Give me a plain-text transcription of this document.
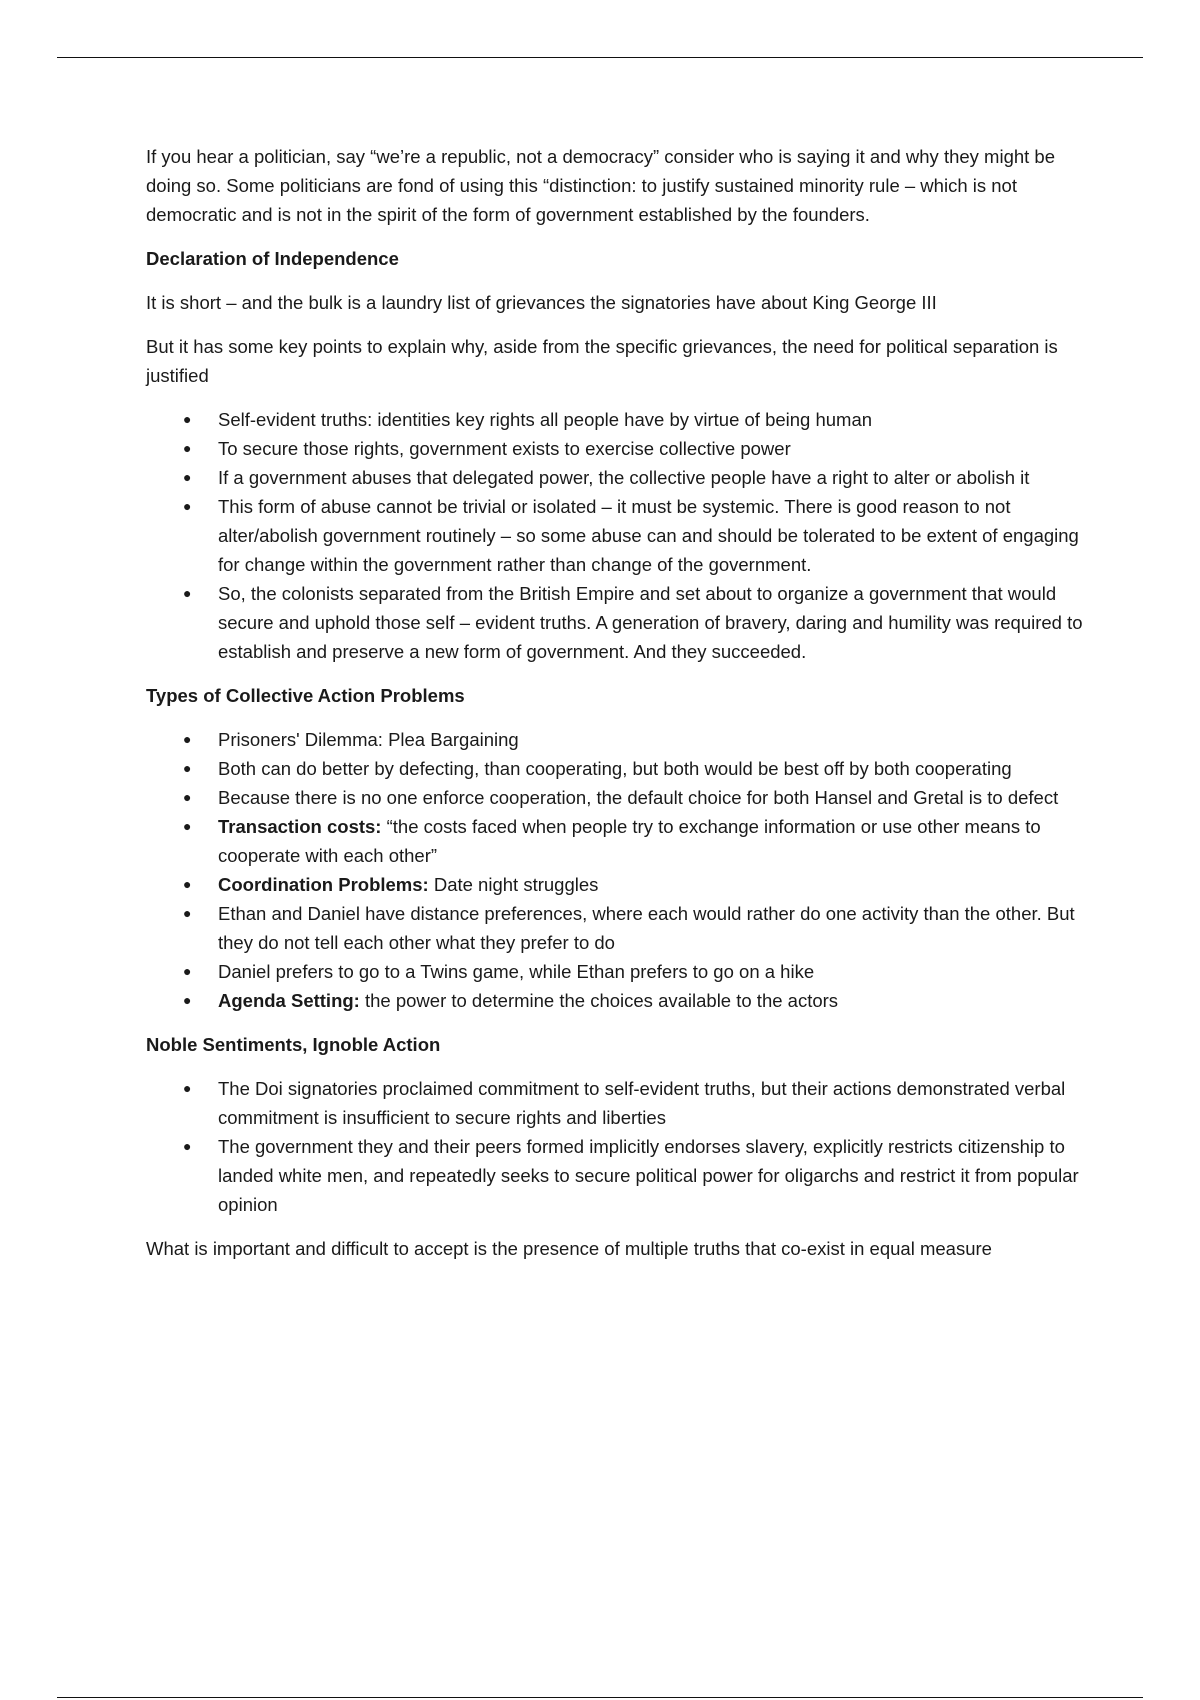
If you hear a politician, say “we’re a republic, not a democracy” consider who is saying it and why they might be doing so. Some politicians are fond of using this “distinction: to justify sustained minority rule – which is not democratic and is not in the spirit of the form of government established by the founders.

Declaration of Independence

It is short – and the bulk is a laundry list of grievances the signatories have about King George III

But it has some key points to explain why, aside from the specific grievances, the need for political separation is justified

● Self-evident truths: identities key rights all people have by virtue of being human
● To secure those rights, government exists to exercise collective power
● If a government abuses that delegated power, the collective people have a right to alter or abolish it
● This form of abuse cannot be trivial or isolated – it must be systemic. There is good reason to not alter/abolish government routinely – so some abuse can and should be tolerated to be extent of engaging for change within the government rather than change of the government.
● So, the colonists separated from the British Empire and set about to organize a government that would secure and uphold those self – evident truths. A generation of bravery, daring and humility was required to establish and preserve a new form of government. And they succeeded.

Types of Collective Action Problems

● Prisoners' Dilemma: Plea Bargaining
● Both can do better by defecting, than cooperating, but both would be best off by both cooperating
● Because there is no one enforce cooperation, the default choice for both Hansel and Gretal is to defect
● Transaction costs: “the costs faced when people try to exchange information or use other means to cooperate with each other”
● Coordination Problems: Date night struggles
● Ethan and Daniel have distance preferences, where each would rather do one activity than the other. But they do not tell each other what they prefer to do
● Daniel prefers to go to a Twins game, while Ethan prefers to go on a hike
● Agenda Setting: the power to determine the choices available to the actors

Noble Sentiments, Ignoble Action

● The Doi signatories proclaimed commitment to self-evident truths, but their actions demonstrated verbal commitment is insufficient to secure rights and liberties
● The government they and their peers formed implicitly endorses slavery, explicitly restricts citizenship to landed white men, and repeatedly seeks to secure political power for oligarchs and restrict it from popular opinion

What is important and difficult to accept is the presence of multiple truths that co-exist in equal measure
